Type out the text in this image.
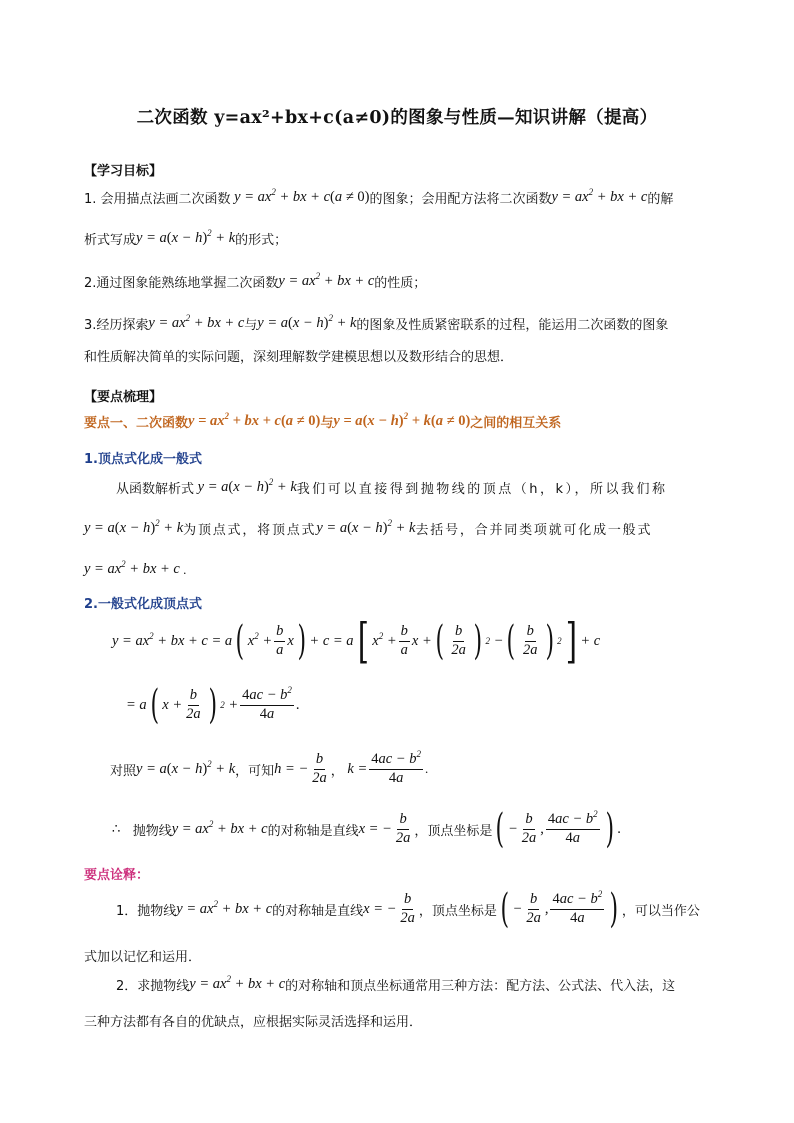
二次函数 y=ax²+bx+c(a≠0)的图象与性质—知识讲解（提高）
【学习目标】
1. 会用描点法画二次函数 $y = ax^2$ + bx + c(a ≠ 0) 的图象；会用配方法将二次函数 $y = ax^2$ + bx + c 的解
析式写成 $y = a(x - h)^2 + k$ 的形式；
2.通过图象能熟练地掌握二次函数 $y = ax^2$ + bx + c 的性质；
3.经历探索 $y = ax^2$ + bx + c 与 $y = a(x - h)^2 + k$ 的图象及性质紧密联系的过程，能运用二次函数的图象
和性质解决简单的实际问题，深刻理解数学建模思想以及数形结合的思想．
【要点梳理】
要点一、二次函数 $y = ax^2$ + bx + c(a ≠ 0) 与 $y = a(x - h)^2 + k(a \ne 0)$ 之间的相互关系
1.顶点式化成一般式
从函数解析式 $y = a(x - h)^2 + k$ 我们可以直接得到抛物线的顶点（h，k），所以我们称
$y = a(x - h)^2 + k$ 为顶点式，将顶点式 $y = a(x - h)^2 + k$ 去括号，合并同类项就可化成一般式
$y = ax^2$ + bx + c .
2.一般式化成顶点式
$y = ax^2$ + bx + c = a ( $x^2 + \frac{b}{a}$ x ) + c = a [ $x^2 + \frac{b}{a}$ x + ( $\frac{b}{2a}$ ) 2 − ( $\frac{b}{2a}$ ) 2 ] + c
= a ( $x + \frac{b}{2a}$ ) $2 + \frac{4ac - b^2}{4a}$ .
对照 $y = a(x - h)^2 + k$ ，可知 h = − $\frac{b}{2a}$ ， $k = \frac{4ac - b^2}{4a}$ .
∴
抛物线 $y = ax^2$ + bx + c 的对称轴是直线 x = − $\frac{b}{2a}$ ，顶点坐标是 ( − $\frac{b}{2a}$ , $\frac{4ac - b^2}{4a}$ ) .
要点诠释：
1．抛物线 $y = ax^2$ + bx + c 的对称轴是直线 x = − $\frac{b}{2a}$ ，顶点坐标是 ( − $\frac{b}{2a}$ , $\frac{4ac - b^2}{4a}$ ) ，可以当作公
式加以记忆和运用．
2．求抛物线 $y = ax^2$ + bx + c 的对称轴和顶点坐标通常用三种方法：配方法、公式法、代入法，这
三种方法都有各自的优缺点，应根据实际灵活选择和运用．
